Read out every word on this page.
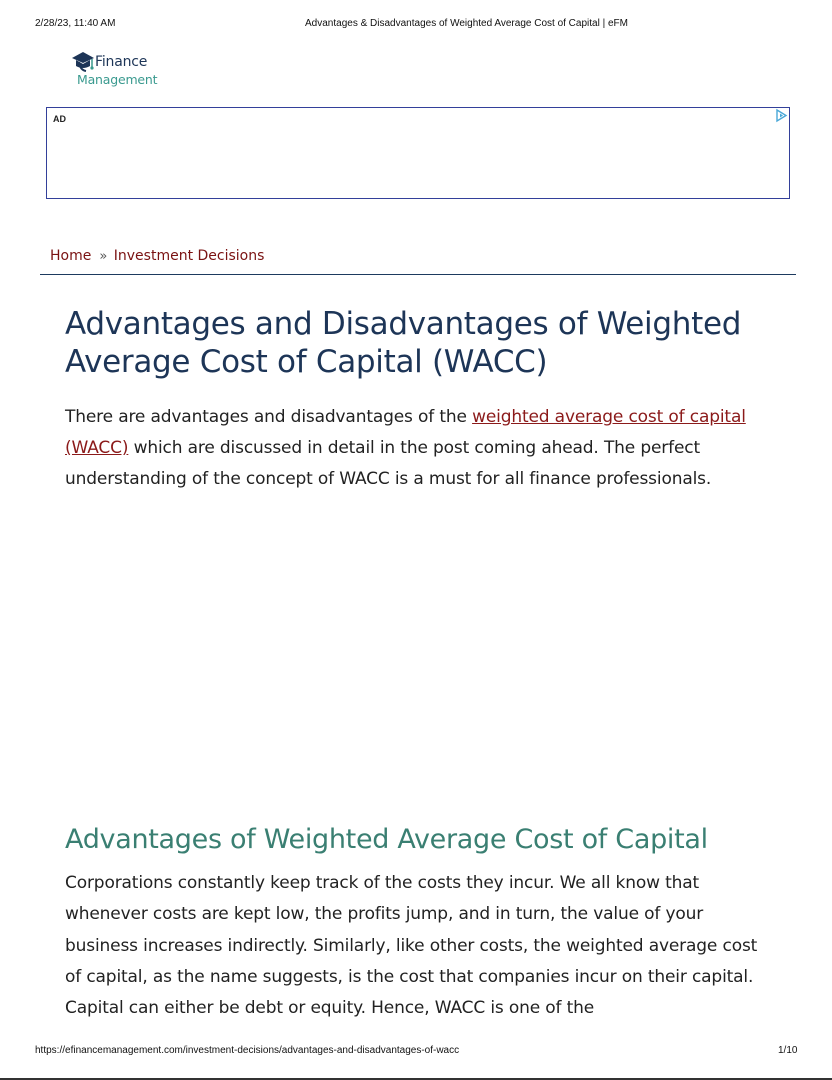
2/28/23, 11:40 AM	Advantages & Disadvantages of Weighted Average Cost of Capital | eFM
Finance
Management
AD
Home » Investment Decisions
Advantages and Disadvantages of Weighted Average Cost of Capital (WACC)

There are advantages and disadvantages of the weighted average cost of capital (WACC) which are discussed in detail in the post coming ahead. The perfect understanding of the concept of WACC is a must for all finance professionals.

Advantages of Weighted Average Cost of Capital

Corporations constantly keep track of the costs they incur. We all know that whenever costs are kept low, the profits jump, and in turn, the value of your business increases indirectly. Similarly, like other costs, the weighted average cost of capital, as the name suggests, is the cost that companies incur on their capital. Capital can either be debt or equity. Hence, WACC is one of the

https://efinancemanagement.com/investment-decisions/advantages-and-disadvantages-of-wacc	1/10
